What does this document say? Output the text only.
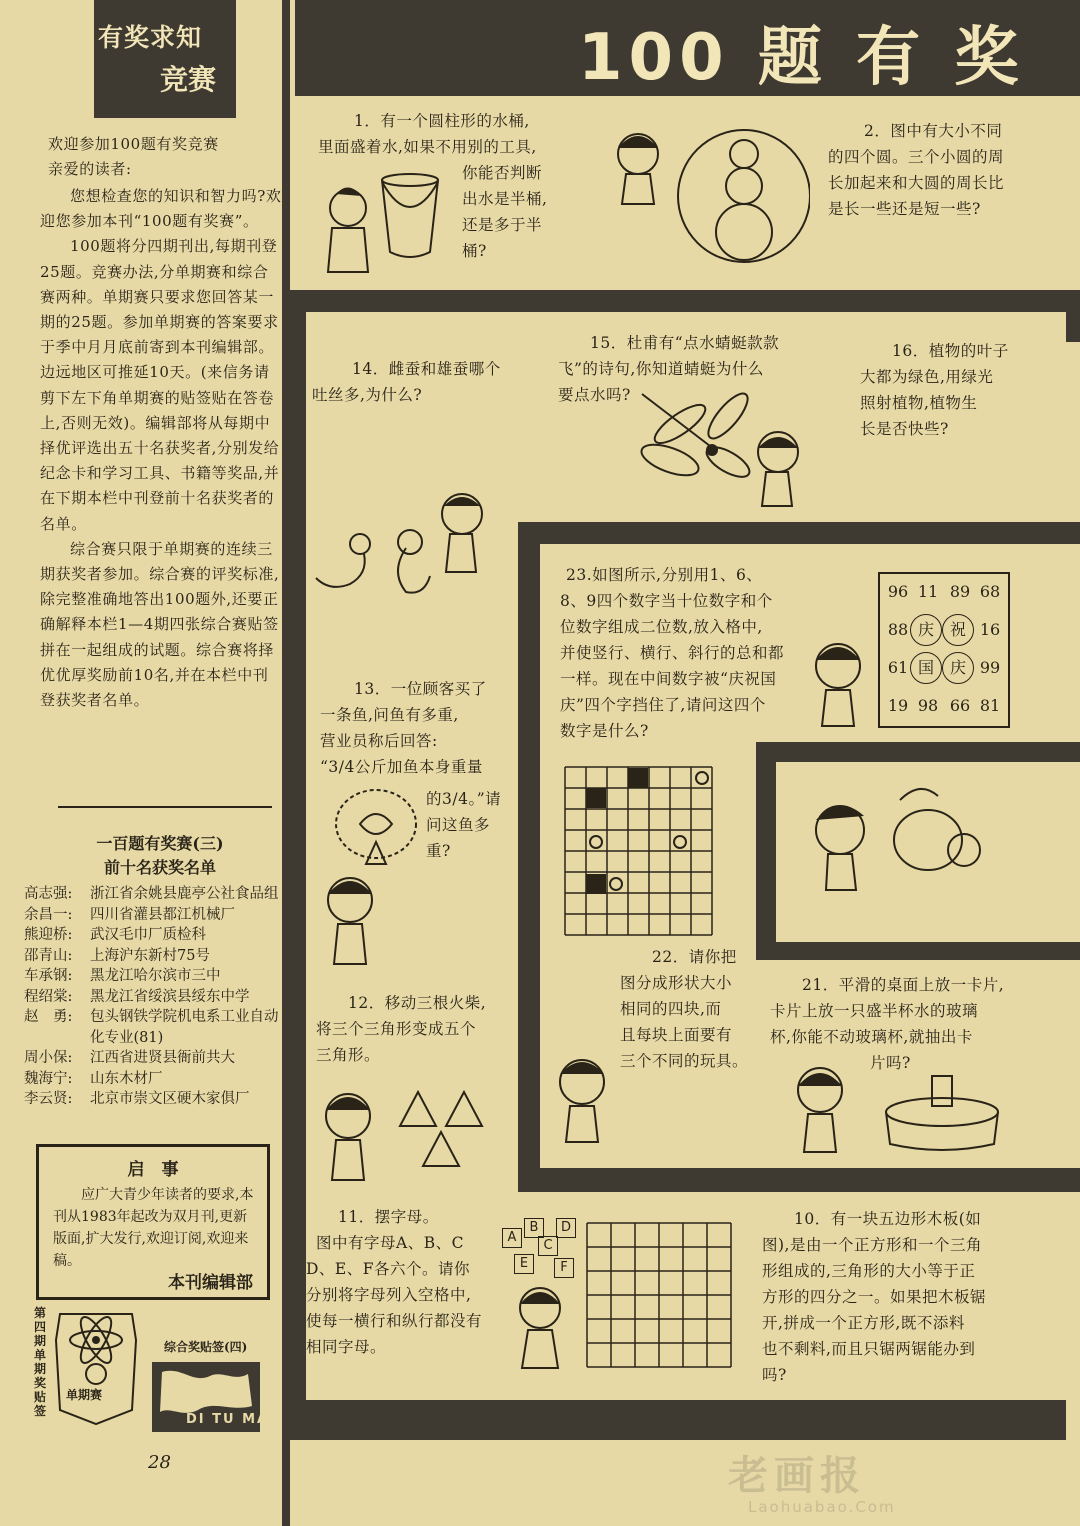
有奖求知
竞赛	100 题 有 奖
欢迎参加100题有奖竞赛
亲爱的读者:

您想检查您的知识和智力吗?欢迎您参加本刊“100题有奖赛”。

100题将分四期刊出,每期刊登25题。竞赛办法,分单期赛和综合赛两种。单期赛只要求您回答某一期的25题。参加单期赛的答案要求于季中月月底前寄到本刊编辑部。边远地区可推延10天。(来信务请剪下左下角单期赛的贴签贴在答卷上,否则无效)。编辑部将从每期中择优评选出五十名获奖者,分别发给纪念卡和学习工具、书籍等奖品,并在下期本栏中刊登前十名获奖者的名单。

综合赛只限于单期赛的连续三期获奖者参加。综合赛的评奖标准,除完整准确地答出100题外,还要正确解释本栏1—4期四张综合赛贴签拼在一起组成的试题。综合赛将择优优厚奖励前10名,并在本栏中刊登获奖者名单。

一百题有奖赛(三)
前十名获奖名单
高志强:	浙江省余姚县鹿亭公社食品组
余昌一:	四川省灌县都江机械厂
熊迎桥:	武汉毛巾厂质检科
邵青山:	上海沪东新村75号
车承钢:	黑龙江哈尔滨市三中
程绍棠:	黑龙江省绥滨县绥东中学
赵　勇:	包头钢铁学院机电系工业自动化专业(81)
周小保:	江西省进贤县衙前共大
魏海宁:	山东木材厂
李云贤:	北京市崇文区硬木家俱厂
启　事
应广大青少年读者的要求,本刊从1983年起改为双月刊,更新版面,扩大发行,欢迎订阅,欢迎来稿。
本刊编辑部
第四期单期奖贴签
单期赛
综合奖贴签(四)
DI TU MA
28
1．有一个圆柱形的水桶,
里面盛着水,如果不用别的工具,
你能否判断
出水是半桶,
还是多于半
桶?
2．图中有大小不同
的四个圆。三个小圆的周
长加起来和大圆的周长比
是长一些还是短一些?
14．雌蚕和雄蚕哪个
吐丝多,为什么?
15．杜甫有“点水蜻蜓款款
飞”的诗句,你知道蜻蜓为什么
要点水吗?
16．植物的叶子
大都为绿色,用绿光
照射植物,植物生
长是否快些?
23.如图所示,分别用1、6、
8、9四个数字当十位数字和个
位数字组成二位数,放入格中,
并使竖行、横行、斜行的总和都
一样。现在中间数字被“庆祝国
庆”四个字挡住了,请问这四个
数字是什么?
96 11 89 68
88 庆 祝 16
61 国 庆 99
19 98 66 81
22．请你把
图分成形状大小
相同的四块,而
且每块上面要有
三个不同的玩具。
13．一位顾客买了
一条鱼,问鱼有多重,
营业员称后回答:
“3/4公斤加鱼本身重量
的3/4。”请
问这鱼多
重?
12．移动三根火柴,
将三个三角形变成五个
三角形。
21．平滑的桌面上放一卡片,
卡片上放一只盛半杯水的玻璃
杯,你能不动玻璃杯,就抽出卡
片吗?
11．摆字母。
图中有字母A、B、C
D、E、F各六个。请你
分别将字母列入空格中,
使每一横行和纵行都没有
相同字母。
A
B
C
D
E	F
10．有一块五边形木板(如
图),是由一个正方形和一个三角
形组成的,三角形的大小等于正
方形的四分之一。如果把木板锯
开,拼成一个正方形,既不添料
也不剩料,而且只锯两锯能办到
吗?
老画报
Laohuabao.Com
